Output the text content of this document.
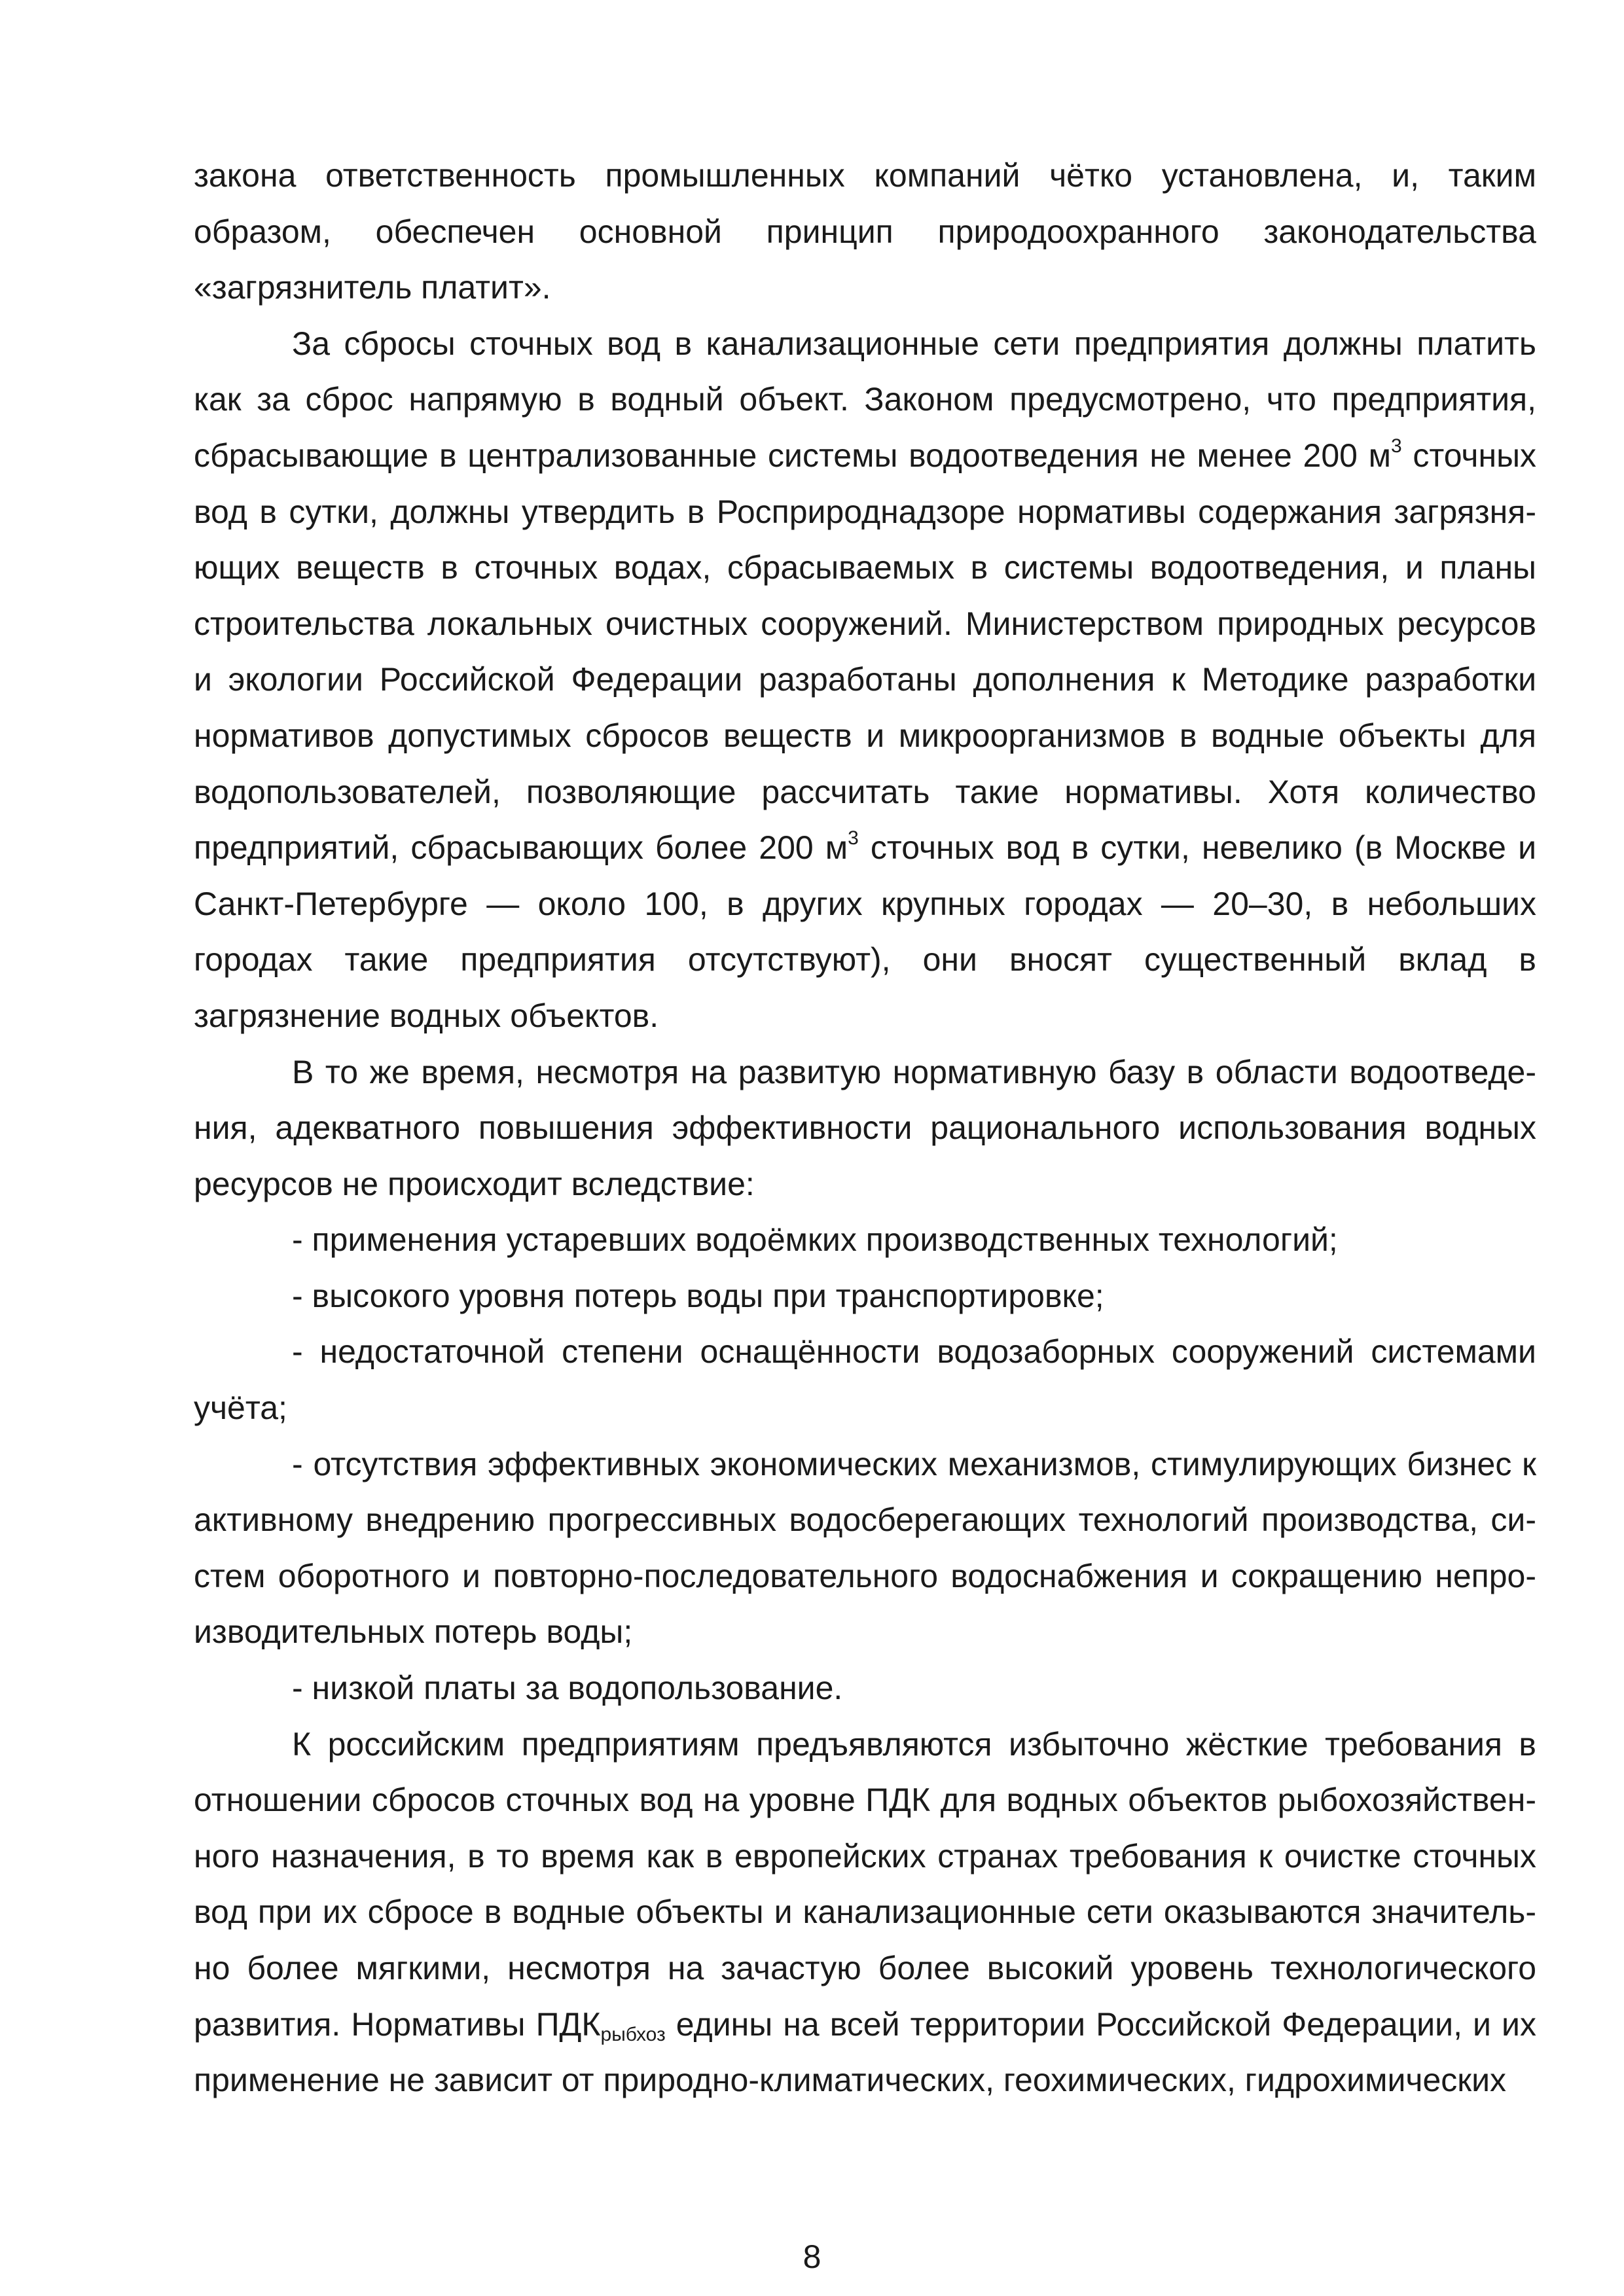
закона ответственность промышленных компаний чётко установлена, и, таким образом, обеспечен основной принцип природоохранного законодательства «загрязнитель платит».

За сбросы сточных вод в канализационные сети предприятия должны платить как за сброс напрямую в водный объект. Законом предусмотрено, что предприятия, сбрасывающие в централизованные системы водоотведения не менее 200 $м^3$ сточных вод в сутки, должны утвердить в Росприроднадзоре нормативы содержания загрязняющих веществ в сточных водах, сбрасываемых в системы водоотведения, и планы строительства локальных очистных сооружений. Министерством природных ресурсов и экологии Российской Федерации разработаны дополнения к Методике разработки нормативов допустимых сбросов веществ и микроорганизмов в водные объекты для водопользователей, позволяющие рассчитать такие нормативы. Хотя количество предприятий, сбрасывающих более 200 $м^3$ сточных вод в сутки, невелико (в Москве и Санкт-Петербурге — около 100, в других крупных городах — 20–30, в небольших городах такие предприятия отсутствуют), они вносят существенный вклад в загрязнение водных объектов.

В то же время, несмотря на развитую нормативную базу в области водоотведения, адекватного повышения эффективности рационального использования водных ресурсов не происходит вследствие:

- применения устаревших водоёмких производственных технологий;

- высокого уровня потерь воды при транспортировке;

- недостаточной степени оснащённости водозаборных сооружений системами учёта;

- отсутствия эффективных экономических механизмов, стимулирующих бизнес к активному внедрению прогрессивных водосберегающих технологий производства, систем оборотного и повторно-последовательного водоснабжения и сокращению непроизводительных потерь воды;

- низкой платы за водопользование.

К российским предприятиям предъявляются избыточно жёсткие требования в отношении сбросов сточных вод на уровне ПДК для водных объектов рыбохозяйственного назначения, в то время как в европейских странах требования к очистке сточных вод при их сбросе в водные объекты и канализационные сети оказываются значительно более мягкими, несмотря на зачастую более высокий уровень технологического развития. Нормативы $ПДК_{рыбхоз}$ едины на всей территории Российской Федерации, и их применение не зависит от природно-климатических, геохимических, гидрохимических

8
